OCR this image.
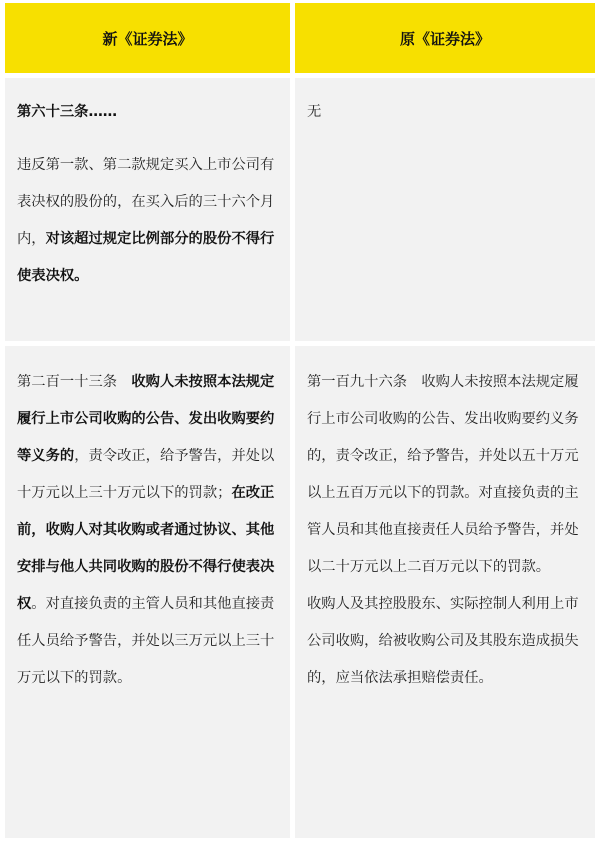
新《证券法》	原《证券法》

第六十三条……

违反第一款、第二款规定买入上市公司有表决权的股份的，在买入后的三十六个月内，对该超过规定比例部分的股份不得行使表决权。

无

第二百一十三条　收购人未按照本法规定履行上市公司收购的公告、发出收购要约等义务的，责令改正，给予警告，并处以十万元以上三十万元以下的罚款；在改正前，收购人对其收购或者通过协议、其他安排与他人共同收购的股份不得行使表决权。对直接负责的主管人员和其他直接责任人员给予警告，并处以三万元以上三十万元以下的罚款。

第一百九十六条　收购人未按照本法规定履行上市公司收购的公告、发出收购要约义务的，责令改正，给予警告，并处以五十万元以上五百万元以下的罚款。对直接负责的主管人员和其他直接责任人员给予警告，并处以二十万元以上二百万元以下的罚款。

收购人及其控股股东、实际控制人利用上市公司收购，给被收购公司及其股东造成损失的，应当依法承担赔偿责任。
